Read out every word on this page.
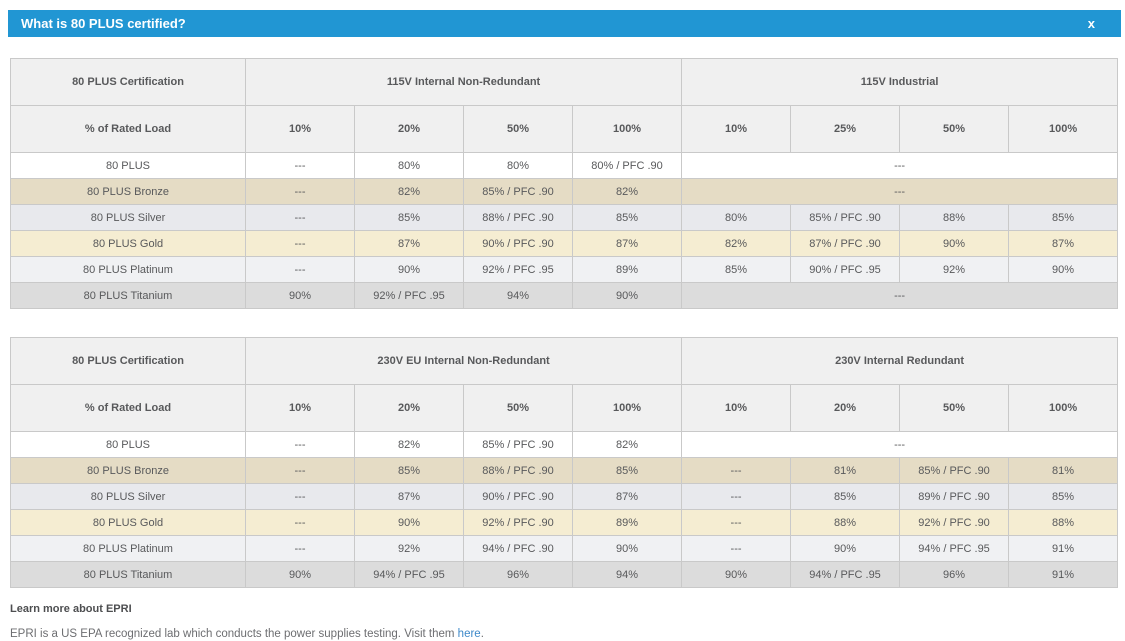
What is 80 PLUS certified?	x
80 PLUS Certification	115V Internal Non-Redundant				115V Industrial			
% of Rated Load	10%	20%	50%	100%	10%	25%	50%	100%
80 PLUS	---	80%	80%	80% / PFC .90	---			
80 PLUS Bronze	---	82%	85% / PFC .90	82%	---			
80 PLUS Silver	---	85%	88% / PFC .90	85%	80%	85% / PFC .90	88%	85%
80 PLUS Gold	---	87%	90% / PFC .90	87%	82%	87% / PFC .90	90%	87%
80 PLUS Platinum	---	90%	92% / PFC .95	89%	85%	90% / PFC .95	92%	90%
80 PLUS Titanium	90%	92% / PFC .95	94%	90%	---			
80 PLUS Certification	230V EU Internal Non-Redundant				230V Internal Redundant			
% of Rated Load	10%	20%	50%	100%	10%	20%	50%	100%
80 PLUS	---	82%	85% / PFC .90	82%	---			
80 PLUS Bronze	---	85%	88% / PFC .90	85%	---	81%	85% / PFC .90	81%
80 PLUS Silver	---	87%	90% / PFC .90	87%	---	85%	89% / PFC .90	85%
80 PLUS Gold	---	90%	92% / PFC .90	89%	---	88%	92% / PFC .90	88%
80 PLUS Platinum	---	92%	94% / PFC .90	90%	---	90%	94% / PFC .95	91%
80 PLUS Titanium	90%	94% / PFC .95	96%	94%	90%	94% / PFC .95	96%	91%
Learn more about EPRI
EPRI is a US EPA recognized lab which conducts the power supplies testing. Visit them here.
